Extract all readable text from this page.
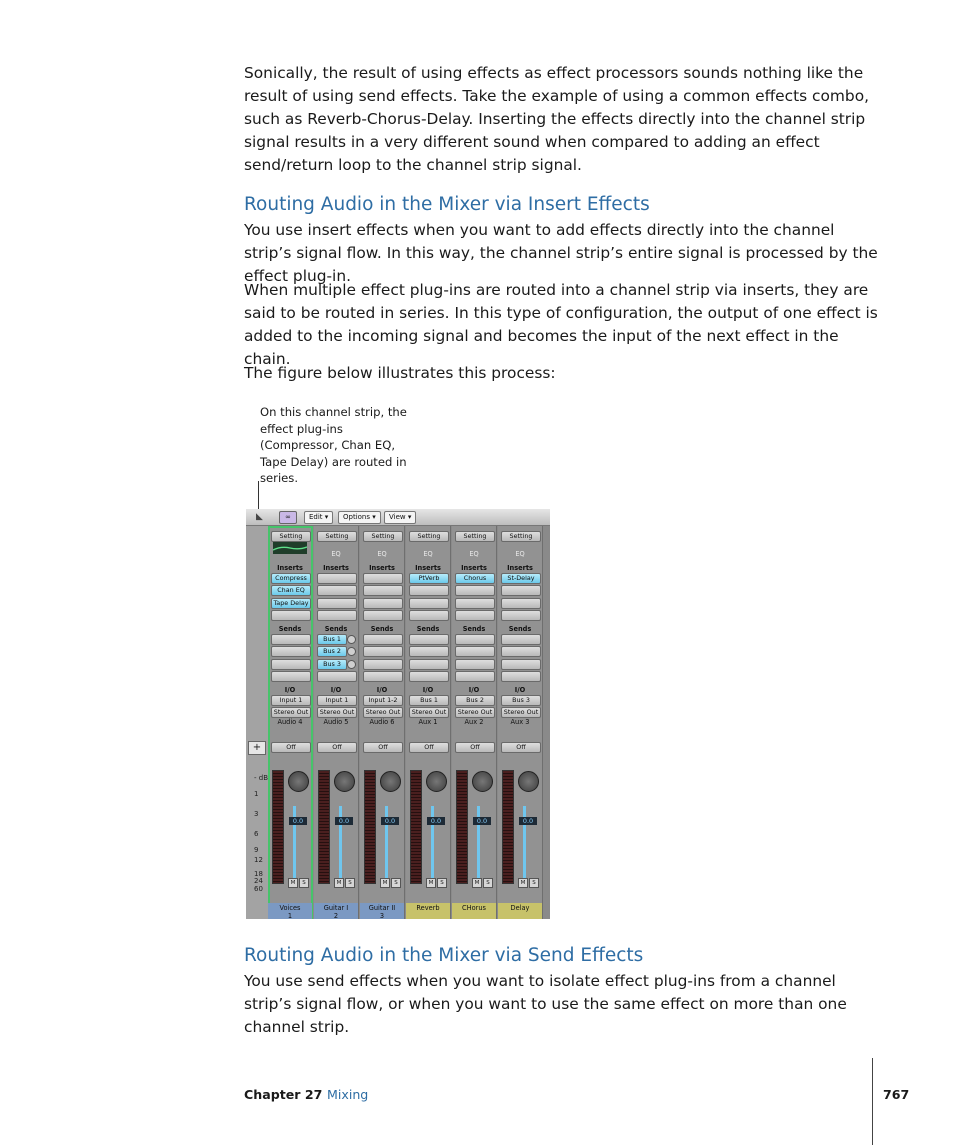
Sonically, the result of using effects as effect processors sounds nothing like the result of using send effects. Take the example of using a common effects combo, such as Reverb-Chorus-Delay. Inserting the effects directly into the channel strip signal results in a very different sound when compared to adding an effect send/return loop to the channel strip signal.

Routing Audio in the Mixer via Insert Effects

You use insert effects when you want to add effects directly into the channel strip’s signal flow. In this way, the channel strip’s entire signal is processed by the effect plug-in.

When multiple effect plug-ins are routed into a channel strip via inserts, they are said to be routed in series. In this type of configuration, the output of one effect is added to the incoming signal and becomes the input of the next effect in the chain.

The figure below illustrates this process:

On this channel strip, the effect plug-ins (Compressor, Chan EQ, Tape Delay) are routed in series.
◣	∞	Edit ▾	Options ▾	View ▾
+
- dB
1
3
6
9
12
18
24
60
Setting
Inserts
Compress
Chan EQ
Tape Delay
Sends
I/O
Input 1
Stereo Out
Audio 4
Off
0.0
M	S
Voices
1
Setting
EQ
Inserts
Sends
Bus 1
Bus 2
Bus 3
I/O
Input 1
Stereo Out
Audio 5
Off
0.0
M	S
Guitar I
2
Setting
EQ
Inserts
Sends
I/O
Input 1-2
Stereo Out
Audio 6
Off
0.0
M	S
Guitar II
3
Setting
EQ
Inserts
PtVerb
Sends
I/O
Bus 1
Stereo Out
Aux 1
Off
0.0
M	S
Reverb
Setting
EQ
Inserts
Chorus
Sends
I/O
Bus 2
Stereo Out
Aux 2
Off
0.0
M	S
CHorus
Setting
EQ
Inserts
St-Delay
Sends
I/O
Bus 3
Stereo Out
Aux 3
Off
0.0
M	S
Delay
Routing Audio in the Mixer via Send Effects

You use send effects when you want to isolate effect plug-ins from a channel strip’s signal flow, or when you want to use the same effect on more than one channel strip.

Chapter 27 Mixing	767
